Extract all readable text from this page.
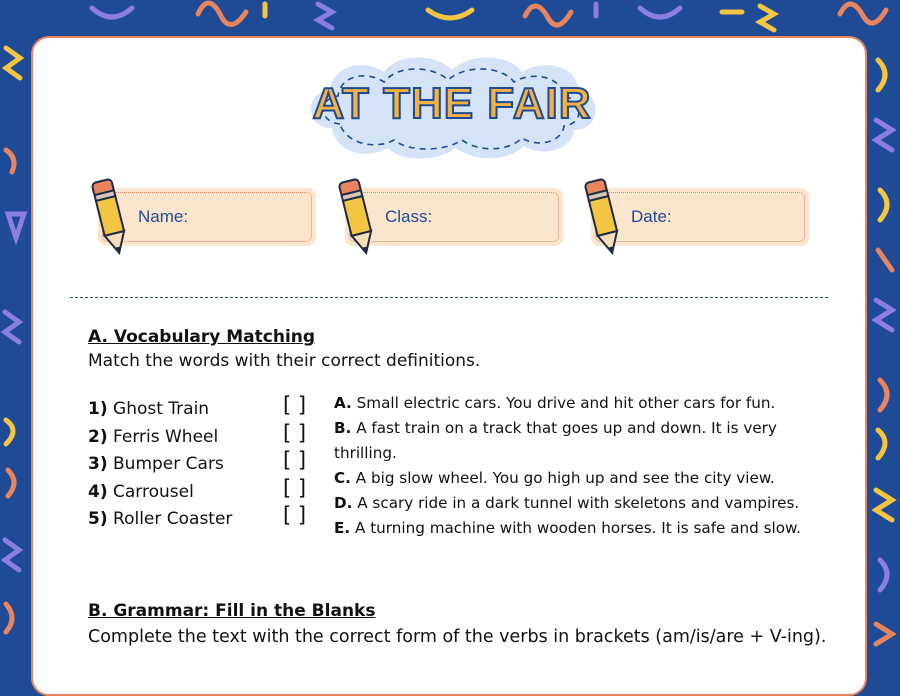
AT THE FAIR
Name:	Class:	Date:
A. Vocabulary Matching
Match the words with their correct definitions.
1) Ghost Train
2) Ferris Wheel
3) Bumper Cars
4) Carrousel
5) Roller Coaster
[ ]
[ ]
[ ]
[ ]
[ ]
A. Small electric cars. You drive and hit other cars for fun.
B. A fast train on a track that goes up and down. It is very thrilling.
C. A big slow wheel. You go high up and see the city view.
D. A scary ride in a dark tunnel with skeletons and vampires.
E. A turning machine with wooden horses. It is safe and slow.
B. Grammar: Fill in the Blanks
Complete the text with the correct form of the verbs in brackets (am/is/are + V-ing).
